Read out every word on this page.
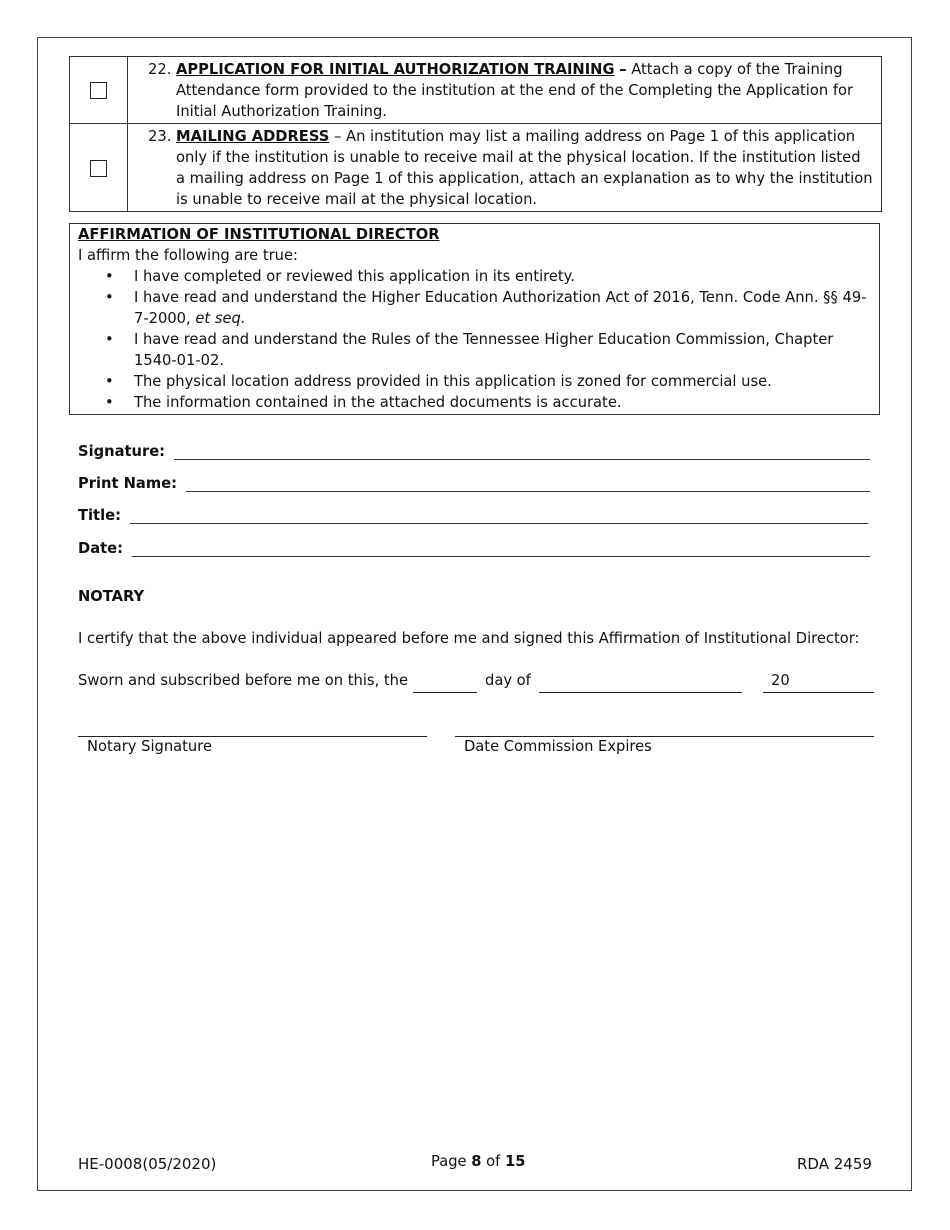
	22. APPLICATION FOR INITIAL AUTHORIZATION TRAINING – Attach a copy of the Training Attendance form provided to the institution at the end of the Completing the Application for Initial Authorization Training.

	23. MAILING ADDRESS – An institution may list a mailing address on Page 1 of this application only if the institution is unable to receive mail at the physical location. If the institution listed a mailing address on Page 1 of this application, attach an explanation as to why the institution is unable to receive mail at the physical location.
AFFIRMATION OF INSTITUTIONAL DIRECTOR
I affirm the following are true:
• I have completed or reviewed this application in its entirety.
• I have read and understand the Higher Education Authorization Act of 2016, Tenn. Code Ann. §§ 49-7-2000, et seq.
• I have read and understand the Rules of the Tennessee Higher Education Commission, Chapter 1540-01-02.
• The physical location address provided in this application is zoned for commercial use.
• The information contained in the attached documents is accurate.
Signature:
Print Name:
Title:
Date:
NOTARY
I certify that the above individual appeared before me and signed this Affirmation of Institutional Director:
Sworn and subscribed before me on this, the	day of	20
Notary Signature	Date Commission Expires
HE-0008(05/2020)	Page 8 of 15	RDA 2459
